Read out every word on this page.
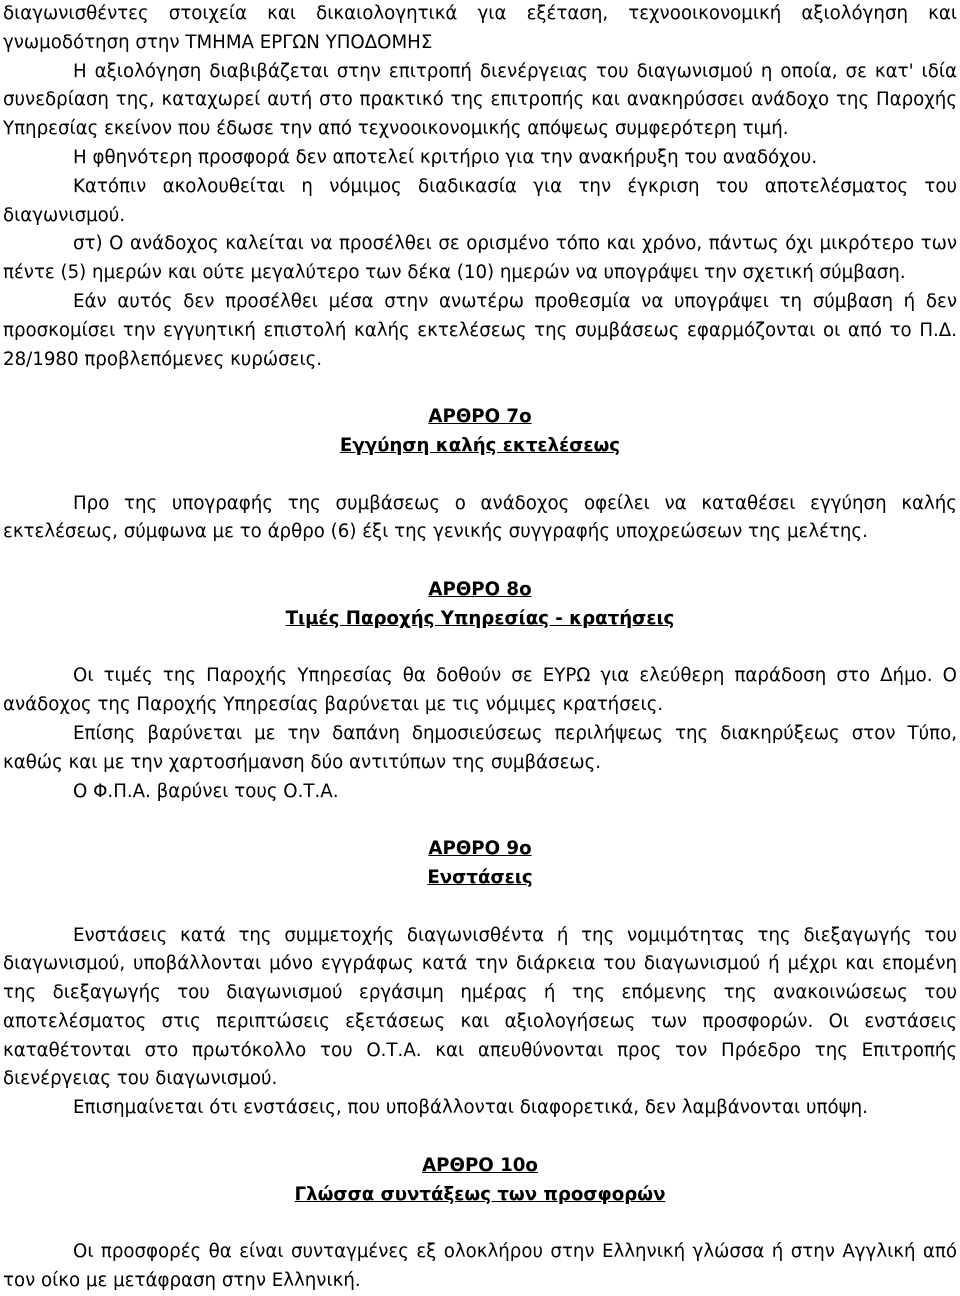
διαγωνισθέντες στοιχεία και δικαιολογητικά για εξέταση, τεχνοοικονομική αξιολόγηση και γνωμοδότηση στην ΤΜΗΜΑ ΕΡΓΩΝ ΥΠΟΔΟΜΗΣ

Η αξιολόγηση διαβιβάζεται στην επιτροπή διενέργειας του διαγωνισμού η οποία, σε κατ' ιδία συνεδρίαση της, καταχωρεί αυτή στο πρακτικό της επιτροπής και ανακηρύσσει ανάδοχο της Παροχής Υπηρεσίας εκείνον που έδωσε την από τεχνοοικονομικής απόψεως συμφερότερη τιμή.

Η φθηνότερη προσφορά δεν αποτελεί κριτήριο για την ανακήρυξη του αναδόχου.

Κατόπιν ακολουθείται η νόμιμος διαδικασία για την έγκριση του αποτελέσματος του διαγωνισμού.

στ) Ο ανάδοχος καλείται να προσέλθει σε ορισμένο τόπο και χρόνο, πάντως όχι μικρότερο των πέντε (5) ημερών και ούτε μεγαλύτερο των δέκα (10) ημερών να υπογράψει την σχετική σύμβαση.

Εάν αυτός δεν προσέλθει μέσα στην ανωτέρω προθεσμία να υπογράψει τη σύμβαση ή δεν προσκομίσει την εγγυητική επιστολή καλής εκτελέσεως της συμβάσεως εφαρμόζονται οι από το Π.Δ. 28/1980 προβλεπόμενες κυρώσεις.

ΑΡΘΡΟ 7ο

Εγγύηση καλής εκτελέσεως

Προ της υπογραφής της συμβάσεως ο ανάδοχος οφείλει να καταθέσει εγγύηση καλής εκτελέσεως, σύμφωνα με το άρθρο (6) έξι της γενικής συγγραφής υποχρεώσεων της μελέτης.

ΑΡΘΡΟ 8ο

Τιμές Παροχής Υπηρεσίας - κρατήσεις

Οι τιμές της Παροχής Υπηρεσίας θα δοθούν σε ΕΥΡΩ για ελεύθερη παράδοση στο Δήμο. Ο ανάδοχος της Παροχής Υπηρεσίας βαρύνεται με τις νόμιμες κρατήσεις.

Επίσης βαρύνεται με την δαπάνη δημοσιεύσεως περιλήψεως της διακηρύξεως στον Τύπο, καθώς και με την χαρτοσήμανση δύο αντιτύπων της συμβάσεως.

Ο Φ.Π.Α. βαρύνει τους Ο.Τ.Α.

ΑΡΘΡΟ 9ο

Ενστάσεις

Ενστάσεις κατά της συμμετοχής διαγωνισθέντα ή της νομιμότητας της διεξαγωγής του διαγωνισμού, υποβάλλονται μόνο εγγράφως κατά την διάρκεια του διαγωνισμού ή μέχρι και επομένη της διεξαγωγής του διαγωνισμού εργάσιμη ημέρας ή της επόμενης της ανακοινώσεως του αποτελέσματος στις περιπτώσεις εξετάσεως και αξιολογήσεως των προσφορών. Οι ενστάσεις καταθέτονται στο πρωτόκολλο του Ο.Τ.Α. και απευθύνονται προς τον Πρόεδρο της Επιτροπής διενέργειας του διαγωνισμού.

Επισημαίνεται ότι ενστάσεις, που υποβάλλονται διαφορετικά, δεν λαμβάνονται υπόψη.

ΑΡΘΡΟ 10ο

Γλώσσα συντάξεως των προσφορών

Οι προσφορές θα είναι συνταγμένες εξ ολοκλήρου στην Ελληνική γλώσσα ή στην Αγγλική από τον οίκο με μετάφραση στην Ελληνική.
